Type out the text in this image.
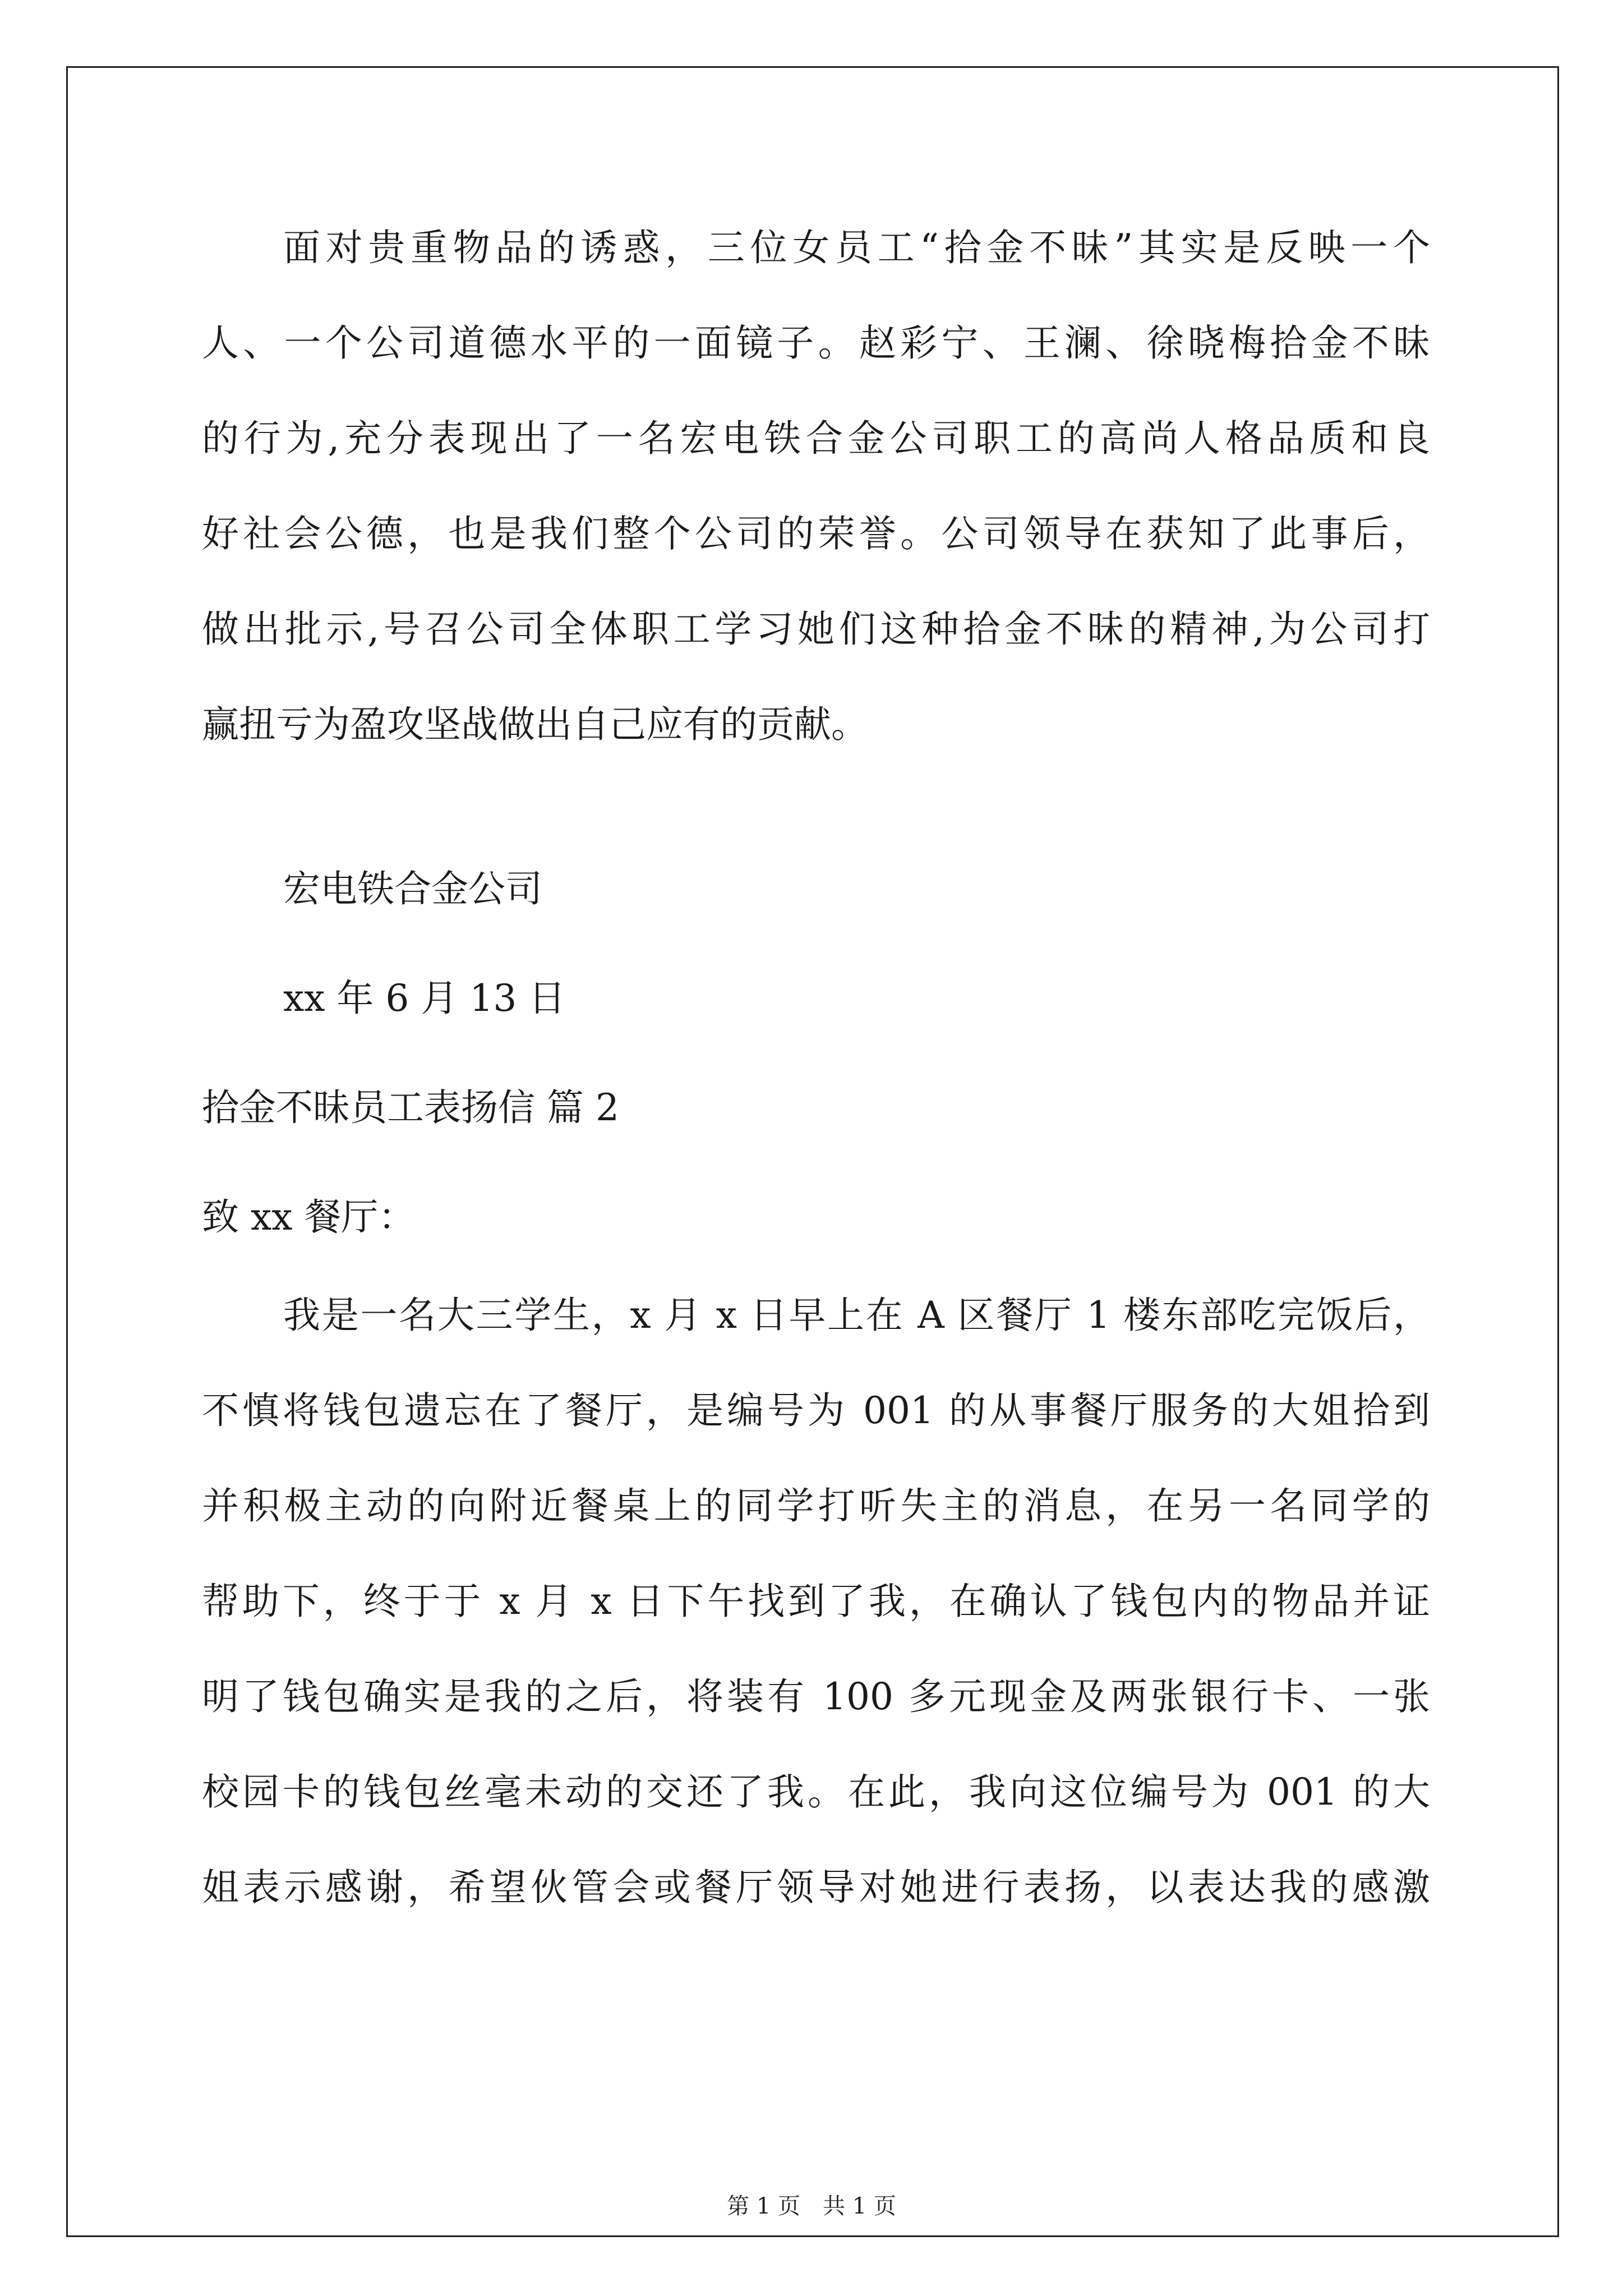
面对贵重物品的诱惑，三位女员工“拾金不昧”其实是反映一个
人、一个公司道德水平的一面镜子。赵彩宁、王澜、徐晓梅拾金不昧
的行为,充分表现出了一名宏电铁合金公司职工的高尚人格品质和良
好社会公德，也是我们整个公司的荣誉。公司领导在获知了此事后，
做出批示,号召公司全体职工学习她们这种拾金不昧的精神,为公司打
赢扭亏为盈攻坚战做出自己应有的贡献。
宏电铁合金公司
xx 年 6 月 13 日
拾金不昧员工表扬信 篇 2
致 xx 餐厅：
我是一名大三学生，x 月 x 日早上在 A 区餐厅 1 楼东部吃完饭后，
不慎将钱包遗忘在了餐厅，是编号为 001 的从事餐厅服务的大姐拾到
并积极主动的向附近餐桌上的同学打听失主的消息，在另一名同学的
帮助下，终于于 x 月 x 日下午找到了我，在确认了钱包内的物品并证
明了钱包确实是我的之后，将装有 100 多元现金及两张银行卡、一张
校园卡的钱包丝毫未动的交还了我。在此，我向这位编号为 001 的大
姐表示感谢，希望伙管会或餐厅领导对她进行表扬，以表达我的感激
第 1 页　共 1 页
